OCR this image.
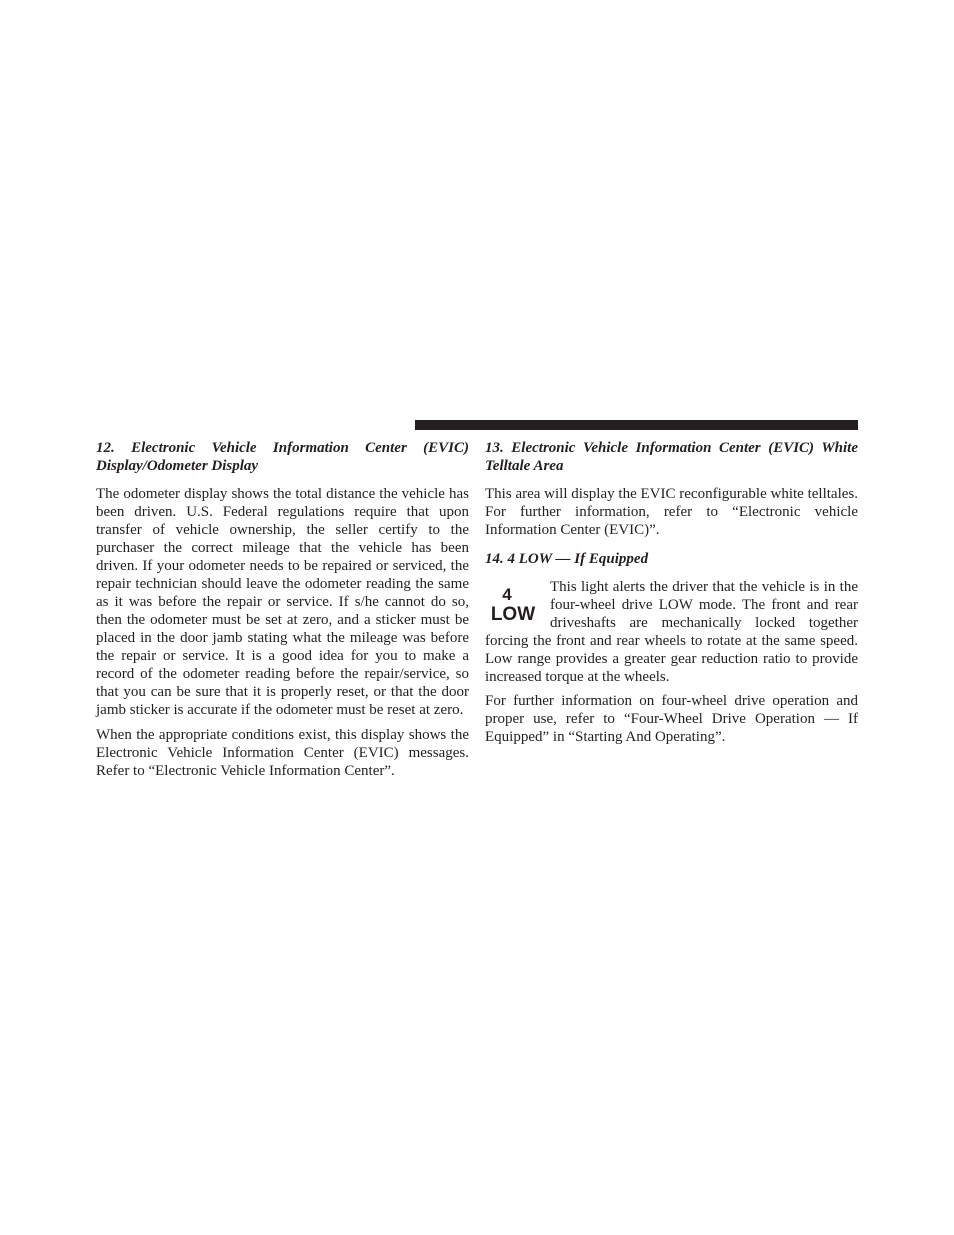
12. Electronic Vehicle Information Center (EVIC) Display/Odometer Display

The odometer display shows the total distance the vehicle has been driven. U.S. Federal regulations require that upon transfer of vehicle ownership, the seller certify to the purchaser the correct mileage that the vehicle has been driven. If your odometer needs to be repaired or serviced, the repair technician should leave the odometer reading the same as it was before the repair or service. If s/he cannot do so, then the odometer must be set at zero, and a sticker must be placed in the door jamb stating what the mileage was before the repair or service. It is a good idea for you to make a record of the odometer reading before the repair/service, so that you can be sure that it is properly reset, or that the door jamb sticker is accurate if the odometer must be reset at zero.

When the appropriate conditions exist, this display shows the Electronic Vehicle Information Center (EVIC) messages. Refer to “Electronic Vehicle Information Center”.

13. Electronic Vehicle Information Center (EVIC) White Telltale Area

This area will display the EVIC reconfigurable white telltales. For further information, refer to “Electronic vehicle Information Center (EVIC)”.

14. 4 LOW — If Equipped

4
LOW

This light alerts the driver that the vehicle is in the four-wheel drive LOW mode. The front and rear driveshafts are mechanically locked together forcing the front and rear wheels to rotate at the same speed. Low range provides a greater gear reduction ratio to provide increased torque at the wheels.

For further information on four-wheel drive operation and proper use, refer to “Four-Wheel Drive Operation — If Equipped” in “Starting And Operating”.
